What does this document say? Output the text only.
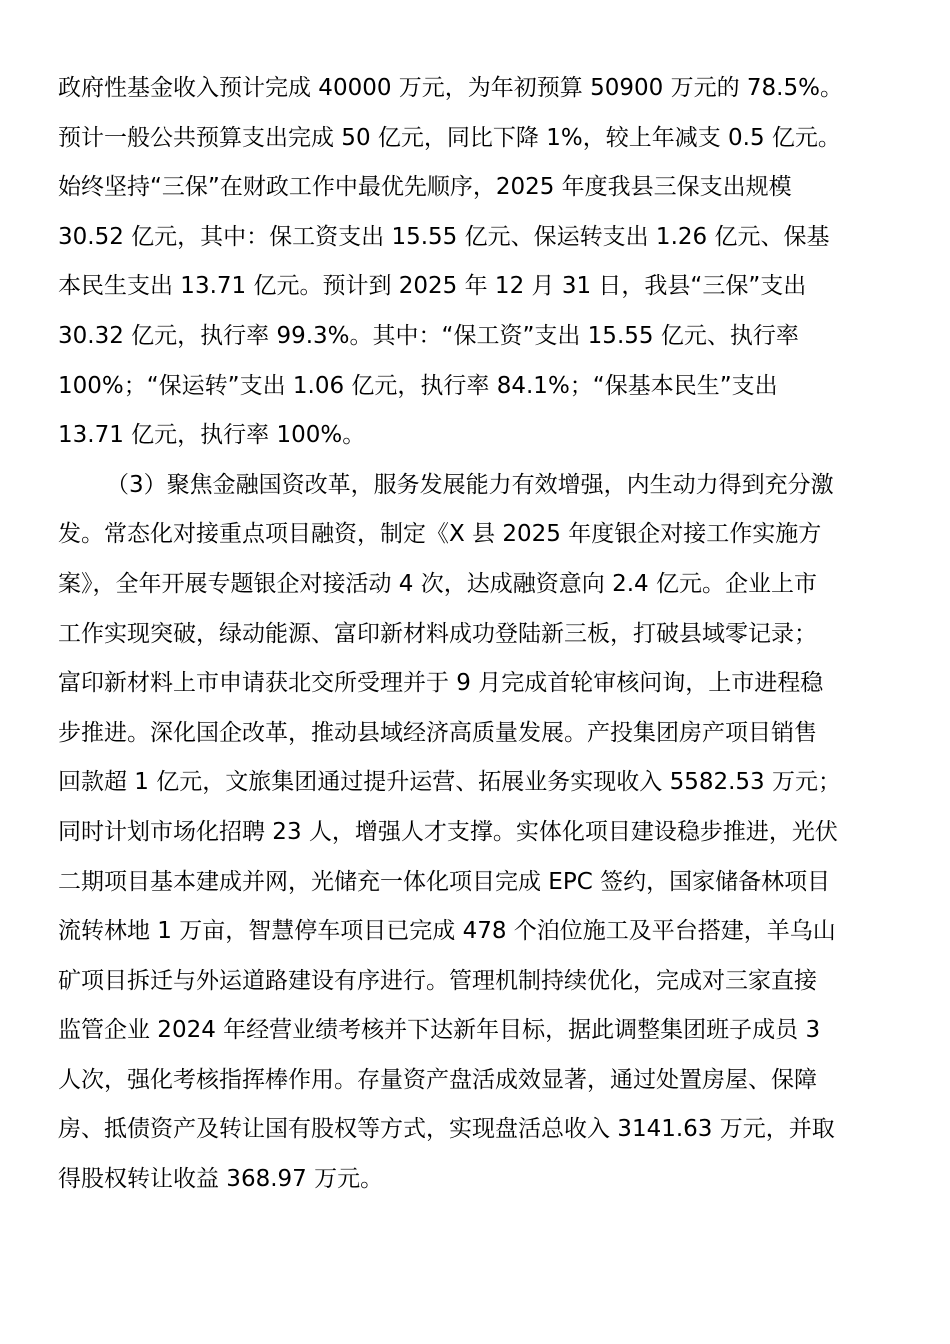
政府性基金收入预计完成 40000 万元，为年初预算 50900 万元的 78.5%。
预计一般公共预算支出完成 50 亿元，同比下降 1%，较上年减支 0.5 亿元。
始终坚持“三保”在财政工作中最优先顺序，2025 年度我县三保支出规模
30.52 亿元，其中：保工资支出 15.55 亿元、保运转支出 1.26 亿元、保基
本民生支出 13.71 亿元。预计到 2025 年 12 月 31 日，我县“三保”支出
30.32 亿元，执行率 99.3%。其中：“保工资”支出 15.55 亿元、执行率
100%；“保运转”支出 1.06 亿元，执行率 84.1%；“保基本民生”支出
13.71 亿元，执行率 100%。
（3）聚焦金融国资改革，服务发展能力有效增强，内生动力得到充分激
发。常态化对接重点项目融资，制定《X 县 2025 年度银企对接工作实施方
案》，全年开展专题银企对接活动 4 次，达成融资意向 2.4 亿元。企业上市
工作实现突破，绿动能源、富印新材料成功登陆新三板，打破县域零记录；
富印新材料上市申请获北交所受理并于 9 月完成首轮审核问询，上市进程稳
步推进。深化国企改革，推动县域经济高质量发展。产投集团房产项目销售
回款超 1 亿元，文旅集团通过提升运营、拓展业务实现收入 5582.53 万元；
同时计划市场化招聘 23 人，增强人才支撑。实体化项目建设稳步推进，光伏
二期项目基本建成并网，光储充一体化项目完成 EPC 签约，国家储备林项目
流转林地 1 万亩，智慧停车项目已完成 478 个泊位施工及平台搭建，羊乌山
矿项目拆迁与外运道路建设有序进行。管理机制持续优化，完成对三家直接
监管企业 2024 年经营业绩考核并下达新年目标，据此调整集团班子成员 3
人次，强化考核指挥棒作用。存量资产盘活成效显著，通过处置房屋、保障
房、抵债资产及转让国有股权等方式，实现盘活总收入 3141.63 万元，并取
得股权转让收益 368.97 万元。
